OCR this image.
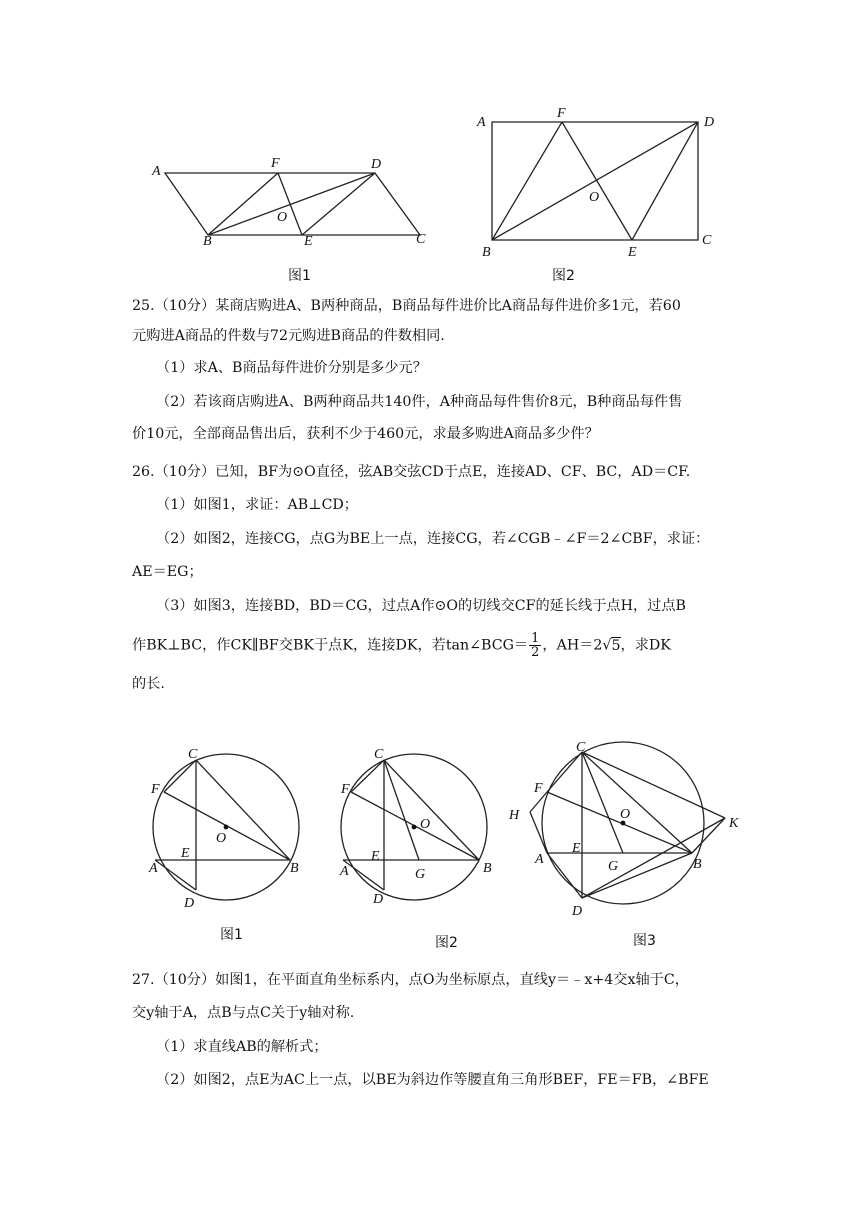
A
F	D
O
B	E	C
图1
A
F
D
O
B	E
C
图2
25.（10分）某商店购进A、B两种商品，B商品每件进价比A商品每件进价多1元，若60
元购进A商品的件数与72元购进B商品的件数相同.
（1）求A、B商品每件进价分别是多少元？
（2）若该商店购进A、B两种商品共140件，A种商品每件售价8元，B种商品每件售
价10元，全部商品售出后，获利不少于460元，求最多购进A商品多少件？
26.（10分）已知，BF为⊙O直径，弦AB交弦CD于点E，连接AD、CF、BC，AD＝CF.
（1）如图1，求证：AB⊥CD；
（2）如图2，连接CG，点G为BE上一点，连接CG，若∠CGB﹣∠F＝2∠CBF，求证：
AE＝EG；
（3）如图3，连接BD，BD＝CG，过点A作⊙O的切线交CF的延长线于点H，过点B
作BK⊥BC，作CK∥BF交BK于点K，连接DK，若tan∠BCG＝ $\frac{1}{2}$ ，AH＝2√5，求DK
的长.
C
F
O
E
A	B
D
图1
C
F
O
E
A	G	B
D
图2
C
F
H	O
K
E
A	G	B
D
图3
27.（10分）如图1，在平面直角坐标系内，点O为坐标原点，直线y＝﹣x+4交x轴于C，
交y轴于A，点B与点C关于y轴对称.
（1）求直线AB的解析式；
（2）如图2，点E为AC上一点，以BE为斜边作等腰直角三角形BEF，FE＝FB，∠BFE
